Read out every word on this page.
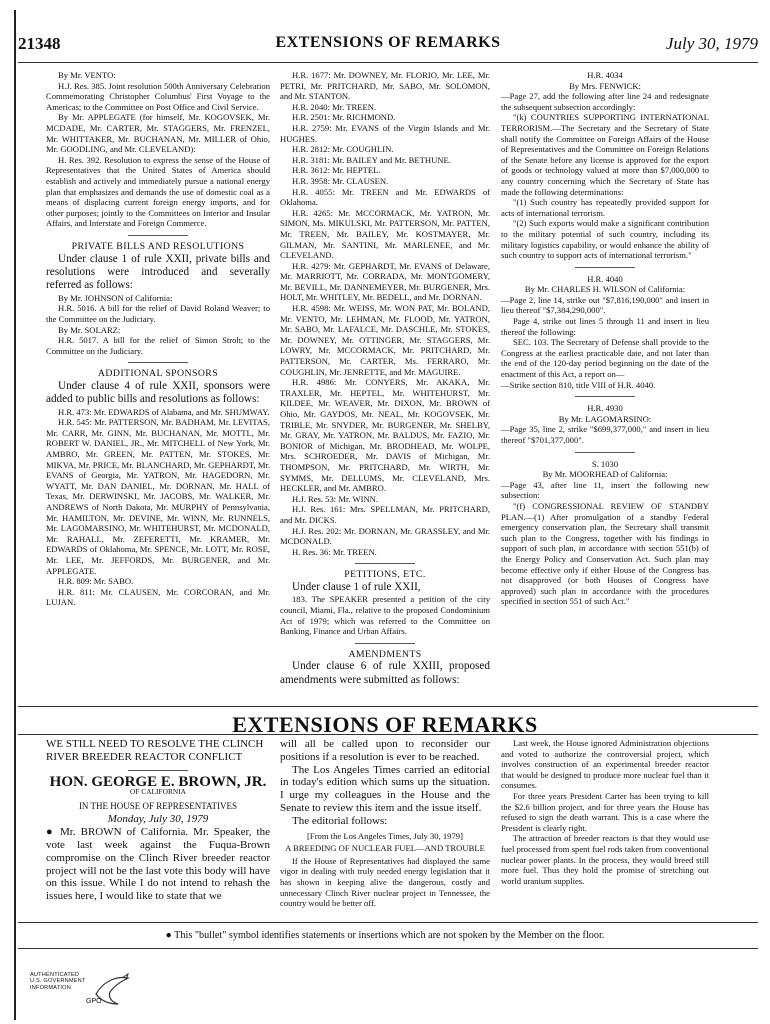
21348	EXTENSIONS OF REMARKS	July 30, 1979

By Mr. VENTO:

H.J. Res. 385. Joint resolution 500th Anniversary Celebration Commemorating Christopher Columbus' First Voyage to the Americas; to the Committee on Post Office and Civil Service.

By Mr. APPLEGATE (for himself, Mr. KOGOVSEK, Mr. MCDADE, Mr. CARTER, Mr. STAGGERS, Mr. FRENZEL, Mr. WHITTAKER, Mr. BUCHANAN, Mr. MILLER of Ohio, Mr. GOODLING, and Mr. CLEVELAND):

H. Res. 392. Resolution to express the sense of the House of Representatives that the United States of America should establish and actively and immediately pursue a national energy plan that emphasizes and demands the use of domestic coal as a means of displacing current foreign energy imports, and for other purposes; jointly to the Committees on Interior and Insular Affairs, and Interstate and Foreign Commerce.

PRIVATE BILLS AND RESOLUTIONS

Under clause 1 of rule XXII, private bills and resolutions were introduced and severally referred as follows:

By Mr. JOHNSON of California:

H.R. 5016. A bill for the relief of David Roland Weaver; to the Committee on the Judiciary.

By Mr. SOLARZ:

H.R. 5017. A bill for the relief of Simon Stroh; to the Committee on the Judiciary.

ADDITIONAL SPONSORS

Under clause 4 of rule XXII, sponsors were added to public bills and resolutions as follows:

H.R. 473: Mr. EDWARDS of Alabama, and Mr. SHUMWAY.

H.R. 545: Mr. PATTERSON, Mr. BADHAM, Mr. LEVITAS, Mr. CARR, Mr. GINN, Mr. BUCHANAN, Mr. MOTTL, Mr. ROBERT W. DANIEL, JR., Mr. MITCHELL of New York, Mr. AMBRO, Mr. GREEN, Mr. PATTEN, Mr. STOKES, Mr. MIKVA, Mr. PRICE, Mr. BLANCHARD, Mr. GEPHARDT, Mr. EVANS of Georgia, Mr. YATRON, Mr. HAGEDORN, Mr. WYATT, Mr. DAN DANIEL, Mr. DORNAN, Mr. HALL of Texas, Mr. DERWINSKI, Mr. JACOBS, Mr. WALKER, Mr. ANDREWS of North Dakota, Mr. MURPHY of Pennsylvania, Mr. HAMILTON, Mr. DEVINE, Mr. WINN, Mr. RUNNELS, Mr. LAGOMARSINO, Mr. WHITEHURST, Mr. MCDONALD, Mr. RAHALL, Mr. ZEFERETTI, Mr. KRAMER, Mr. EDWARDS of Oklahoma, Mr. SPENCE, Mr. LOTT, Mr. ROSE, Mr. LEE, Mr. JEFFORDS, Mr. BURGENER, and Mr. APPLEGATE.

H.R. 809: Mr. SABO.

H.R. 811: Mr. CLAUSEN, Mr. CORCORAN, and Mr. LUJAN.

H.R. 1677: Mr. DOWNEY, Mr. FLORIO, Mr. LEE, Mr. PETRI, Mr. PRITCHARD, Mr. SABO, Mr. SOLOMON, and Mr. STANTON.

H.R. 2040: Mr. TREEN.

H.R. 2501: Mr. RICHMOND.

H.R. 2759: Mr. EVANS of the Virgin Islands and Mr. HUGHES.

H.R. 2812: Mr. COUGHLIN.

H.R. 3181: Mr. BAILEY and Mr. BETHUNE.

H.R. 3612: Mr. HEPTEL.

H.R. 3958: Mr. CLAUSEN.

H.R. 4055: Mr. TREEN and Mr. EDWARDS of Oklahoma.

H.R. 4265: Mr. MCCORMACK, Mr. YATRON, Mr. SIMON, Ms. MIKULSKI, Mr. PATTERSON, Mr. PATTEN, Mr. TREEN, Mr. BAILEY, Mr. KOSTMAYER, Mr. GILMAN, Mr. SANTINI, Mr. MARLENEE, and Mr. CLEVELAND.

H.R. 4279: Mr. GEPHARDT, Mr. EVANS of Delaware, Mr. MARRIOTT, Mr. CORRADA, Mr. MONTGOMERY, Mr. BEVILL, Mr. DANNEMEYER, Mr. BURGENER, Mrs. HOLT, Mr. WHITLEY, Mr. BEDELL, and Mr. DORNAN.

H.R. 4598: Mr. WEISS, Mr. WON PAT, Mr. BOLAND, Mr. VENTO, Mr. LEHMAN, Mr. FLOOD, Mr. YATRON, Mr. SABO, Mr. LAFALCE, Mr. DASCHLE, Mr. STOKES, Mr. DOWNEY, Mr. OTTINGER, Mr. STAGGERS, Mr. LOWRY, Mr. MCCORMACK, Mr. PRITCHARD, Mr. PATTERSON, Mr. CARTER, Ms. FERRARO, Mr. COUGHLIN, Mr. JENRETTE, and Mr. MAGUIRE.

H.R. 4986: Mr. CONYERS, Mr. AKAKA, Mr. TRAXLER, Mr. HEPTEL, Mr. WHITEHURST, Mr. KILDEE, Mr. WEAVER, Mr. DIXON, Mr. BROWN of Ohio, Mr. GAYDOS, Mr. NEAL, Mr. KOGOVSEK, Mr. TRIBLE, Mr. SNYDER, Mr. BURGENER, Mr. SHELBY, Mr. GRAY, Mr. YATRON, Mr. BALDUS, Mr. FAZIO, Mr. BONIOR of Michigan, Mr. BRODHEAD, Mr. WOLPE, Mrs. SCHROEDER, Mr. DAVIS of Michigan, Mr. THOMPSON, Mr. PRITCHARD, Mr. WIRTH, Mr. SYMMS, Mr. DELLUMS, Mr. CLEVELAND, Mrs. HECKLER, and Mr. AMBRO.

H.J. Res. 53: Mr. WINN.

H.J. Res. 161: Mrs. SPELLMAN, Mr. PRITCHARD, and Mr. DICKS.

H.J. Res. 202: Mr. DORNAN, Mr. GRASSLEY, and Mr. MCDONALD.

H. Res. 36: Mr. TREEN.

PETITIONS, ETC.

Under clause 1 of rule XXII,

183. The SPEAKER presented a petition of the city council, Miami, Fla., relative to the proposed Condominium Act of 1979; which was referred to the Committee on Banking, Finance and Urban Affairs.

AMENDMENTS

Under clause 6 of rule XXIII, proposed amendments were submitted as follows:

H.R. 4034

By Mrs. FENWICK:

—Page 27, add the following after line 24 and redesignate the subsequent subsection accordingly:

"(k) COUNTRIES SUPPORTING INTERNATIONAL TERRORISM.—The Secretary and the Secretary of State shall notify the Committee on Foreign Affairs of the House of Representatives and the Committee on Foreign Relations of the Senate before any license is approved for the export of goods or technology valued at more than $7,000,000 to any country concerning which the Secretary of State has made the following determinations:

"(1) Such country has repeatedly provided support for acts of international terrorism.

"(2) Such exports would make a significant contribution to the military potential of such country, including its military logistics capability, or would enhance the ability of such country to support acts of international terrorism."

H.R. 4040

By Mr. CHARLES H. WILSON of California:

—Page 2, line 14, strike out "$7,816,190,000" and insert in lieu thereof "$7,384,290,000".

Page 4, strike out lines 5 through 11 and insert in lieu thereof the following:

SEC. 103. The Secretary of Defense shall provide to the Congress at the earliest practicable date, and not later than the end of the 120-day period beginning on the date of the enactment of this Act, a report on—

—Strike section 810, title VIII of H.R. 4040.

H.R. 4930

By Mr. LAGOMARSINO:

—Page 35, line 2, strike "$699,377,000," and insert in lieu thereof "$701,377,000".

S. 1030

By Mr. MOORHEAD of California:

—Page 43, after line 11, insert the following new subsection:

"(f) CONGRESSIONAL REVIEW OF STANDBY PLAN.—(1) After promulgation of a standby Federal emergency conservation plan, the Secretary shall transmit such plan to the Congress, together with his findings in support of such plan, in accordance with section 551(b) of the Energy Policy and Conservation Act. Such plan may become effective only if either House of the Congress has not disapproved (or both Houses of Congress have approved) such plan in accordance with the procedures specified in section 551 of such Act."

EXTENSIONS OF REMARKS

WE STILL NEED TO RESOLVE THE CLINCH RIVER BREEDER REACTOR CONFLICT

HON. GEORGE E. BROWN, JR.

OF CALIFORNIA

IN THE HOUSE OF REPRESENTATIVES

Monday, July 30, 1979

● Mr. BROWN of California. Mr. Speaker, the vote last week against the Fuqua-Brown compromise on the Clinch River breeder reactor project will not be the last vote this body will have on this issue. While I do not intend to rehash the issues here, I would like to state that we

will all be called upon to reconsider our positions if a resolution is ever to be reached.

The Los Angeles Times carried an editorial in today's edition which sums up the situation. I urge my colleagues in the House and the Senate to review this item and the issue itself.

The editorial follows:

[From the Los Angeles Times, July 30, 1979]

A BREEDING OF NUCLEAR FUEL—AND TROUBLE

If the House of Representatives had displayed the same vigor in dealing with truly needed energy legislation that it has shown in keeping alive the dangerous, costly and unnecessary Clinch River nuclear project in Tennessee, the country would be better off.

Last week, the House ignored Administration objections and voted to authorize the controversial project, which involves construction of an experimental breeder reactor that would be designed to produce more nuclear fuel than it consumes.

For three years President Carter has been trying to kill the $2.6 billion project, and for three years the House has refused to sign the death warrant. This is a case where the President is clearly right.

The attraction of breeder reactors is that they would use fuel processed from spent fuel rods taken from conventional nuclear power plants. In the process, they would breed still more fuel. Thus they hold the promise of stretching out world uranium supplies.

● This "bullet" symbol identifies statements or insertions which are not spoken by the Member on the floor.
AUTHENTICATED
U.S. GOVERNMENT
INFORMATION
GPO
